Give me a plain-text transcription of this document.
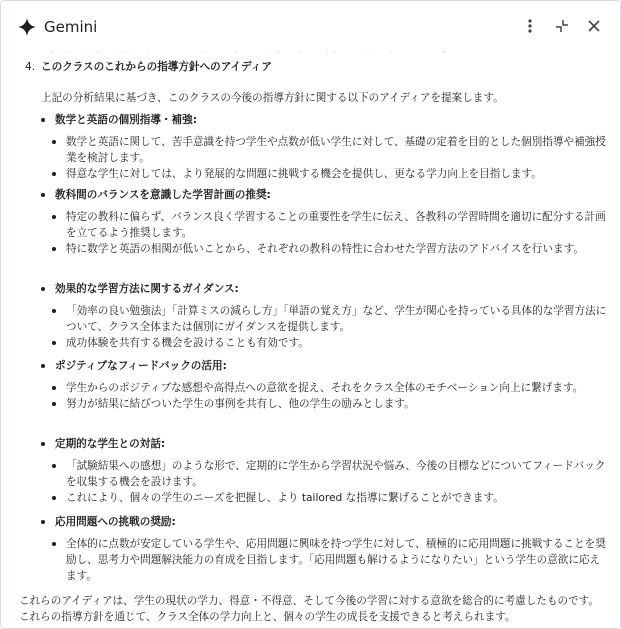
Gemini
4. このクラスのこれからの指導方針へのアイディア
上記の分析結果に基づき、このクラスの今後の指導方針に関する以下のアイディアを提案します。
数学と英語の個別指導・補強:
数学と英語に関して、苦手意識を持つ学生や点数が低い学生に対して、基礎の定着を目的とした個別指導や補強授業を検討します。
得意な学生に対しては、より発展的な問題に挑戦する機会を提供し、更なる学力向上を目指します。
教科間のバランスを意識した学習計画の推奨:
特定の教科に偏らず、バランス良く学習することの重要性を学生に伝え、各教科の学習時間を適切に配分する計画を立てるよう推奨します。
特に数学と英語の相関が低いことから、それぞれの教科の特性に合わせた学習方法のアドバイスを行います。
効果的な学習方法に関するガイダンス:
「効率の良い勉強法」「計算ミスの減らし方」「単語の覚え方」など、学生が関心を持っている具体的な学習方法について、クラス全体または個別にガイダンスを提供します。
成功体験を共有する機会を設けることも有効です。
ポジティブなフィードバックの活用:
学生からのポジティブな感想や高得点への意欲を捉え、それをクラス全体のモチベーション向上に繋げます。
努力が結果に結びついた学生の事例を共有し、他の学生の励みとします。
定期的な学生との対話:
「試験結果への感想」のような形で、定期的に学生から学習状況や悩み、今後の目標などについてフィードバックを収集する機会を設けます。
これにより、個々の学生のニーズを把握し、より tailored な指導に繋げることができます。
応用問題への挑戦の奨励:
全体的に点数が安定している学生や、応用問題に興味を持つ学生に対して、積極的に応用問題に挑戦することを奨励し、思考力や問題解決能力の育成を目指します。「応用問題も解けるようになりたい」という学生の意欲に応えます。
これらのアイディアは、学生の現状の学力、得意・不得意、そして今後の学習に対する意欲を総合的に考慮したものです。これらの指導方針を通じて、クラス全体の学力向上と、個々の学生の成長を支援できると考えられます。
